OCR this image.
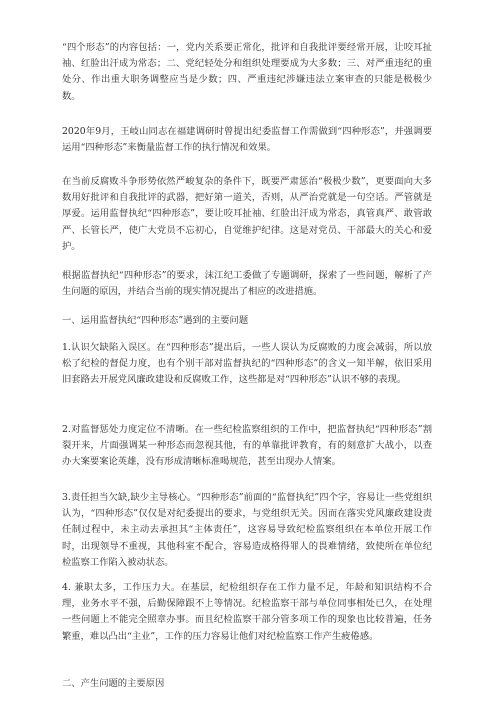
“四个形态”的内容包括：一，党内关系要正常化，批评和自我批评要经常开展，让咬耳扯袖、红脸出汗成为常态；二、党纪轻处分和组织处理要成为大多数；三、对严重违纪的重处分、作出重大职务调整应当是少数；四、严重违纪涉嫌违法立案审查的只能是极极少数。

2020年9月，王岐山同志在福建调研时曾提出纪委监督工作需做到“四种形态”，并强调要运用“四种形态”来衡量监督工作的执行情况和效果。

在当前反腐败斗争形势依然严峻复杂的条件下，既要严肃惩治“极极少数”，更要面向大多数用好批评和自我批评的武器，把好第一道关，否则，从严治党就是一句空话。严管就是厚爱。运用监督执纪“四种形态”，要让咬耳扯袖、红脸出汗成为常态，真管真严、敢管敢严、长管长严，使广大党员不忘初心，自觉维护纪律。这是对党员、干部最大的关心和爱护。

根据监督执纪“四种形态”的要求，沫江纪工委做了专题调研，探索了一些问题，解析了产生问题的原因，并结合当前的现实情况提出了相应的改进措施。

一、运用监督执纪“四种形态”遇到的主要问题

1.认识欠缺陷入误区。在“四种形态”提出后，一些人误认为反腐败的力度会减弱，所以放松了纪检的督促力度，也有个别干部对监督执纪的“四种形态”的含义一知半解，依旧采用旧套路去开展党风廉政建设和反腐败工作，这些都是对“四种形态”认识不够的表现。

2.对监督惩处力度定位不清晰。在一些纪检监察组织的工作中，把监督执纪“四种形态”割裂开来，片面强调某一种形态而忽视其他，有的单靠批评教育，有的刻意扩大战小，以查办大案要案论英雄，没有形成清晰标准喝规范，甚至出现办人情案。

3.责任担当欠缺,缺少主导核心。“四种形态”前面的“监督执纪”四个字，容易让一些党组织认为，“四种形态”仅仅是对纪委提出的要求，与党组织无关。因而在落实党风廉政建设责任制过程中，未主动去承担其“主体责任”，这容易导致纪检监察组织在本单位开展工作时，出现领导不重视，其他科室不配合，容易造成格得罪人的畏难情绪，致使所在单位纪检监察工作陷入被动状态。

4. 兼职太多，工作压力大。在基层，纪检组织存在工作力量不足，年龄和知识结构不合理，业务水平不强，后勤保障跟不上等情况。纪检监察干部与单位同事相处已久，在处理一些问题上不能完全照章办事。而且纪检监察干部分管多项工作的现象也比较普遍，任务繁重，难以凸出“主业”，工作的压力容易让他们对纪检监察工作产生疲倦感。

二、产生问题的主要原因
